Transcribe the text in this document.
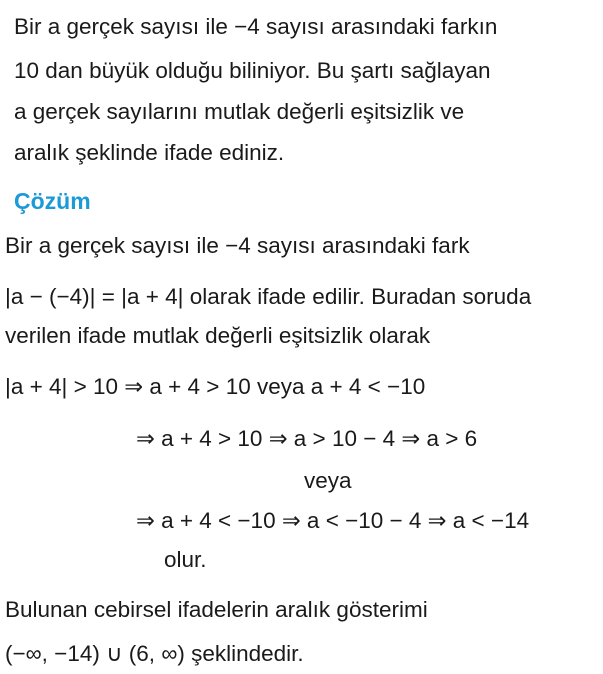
Bir a gerçek sayısı ile −4 sayısı arasındaki farkın
10 dan büyük olduğu biliniyor. Bu şartı sağlayan
a gerçek sayılarını mutlak değerli eşitsizlik ve
aralık şeklinde ifade ediniz.
Çözüm
Bir a gerçek sayısı ile −4 sayısı arasındaki fark
|a − (−4)| = |a + 4| olarak ifade edilir. Buradan soruda
verilen ifade mutlak değerli eşitsizlik olarak
|a + 4| > 10 ⇒ a + 4 > 10 veya a + 4 < −10
⇒ a + 4 > 10 ⇒ a > 10 − 4 ⇒ a > 6
veya
⇒ a + 4 < −10 ⇒ a < −10 − 4 ⇒ a < −14
olur.
Bulunan cebirsel ifadelerin aralık gösterimi
(−∞, −14) ∪ (6, ∞) şeklindedir.
